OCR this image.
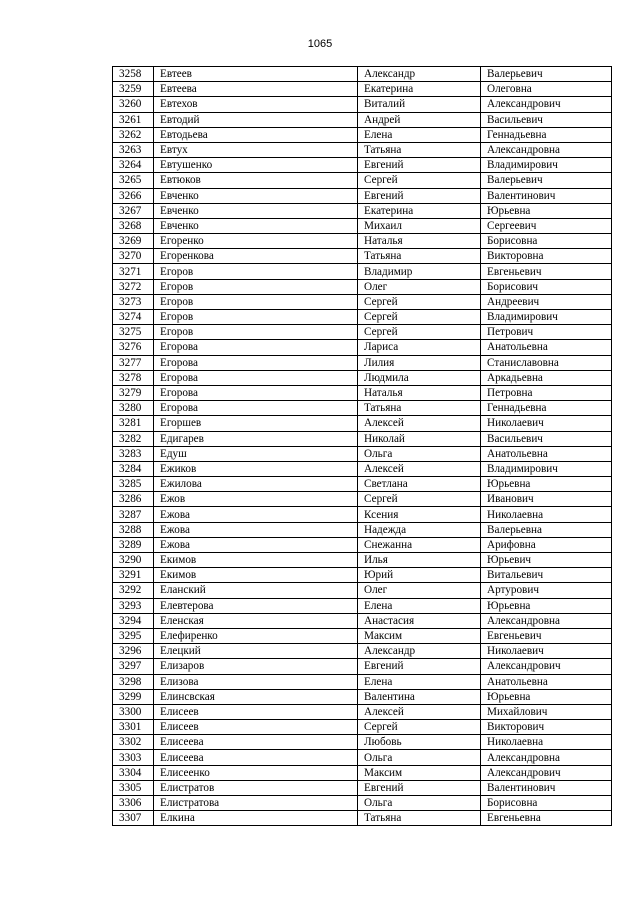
1065
3258	Евтеев	Александр	Валерьевич
3259	Евтеева	Екатерина	Олеговна
3260	Евтехов	Виталий	Александрович
3261	Евтодий	Андрей	Васильевич
3262	Евтодьева	Елена	Геннадьевна
3263	Евтух	Татьяна	Александровна
3264	Евтушенко	Евгений	Владимирович
3265	Евтюков	Сергей	Валерьевич
3266	Евченко	Евгений	Валентинович
3267	Евченко	Екатерина	Юрьевна
3268	Евченко	Михаил	Сергеевич
3269	Егоренко	Наталья	Борисовна
3270	Егоренкова	Татьяна	Викторовна
3271	Егоров	Владимир	Евгеньевич
3272	Егоров	Олег	Борисович
3273	Егоров	Сергей	Андреевич
3274	Егоров	Сергей	Владимирович
3275	Егоров	Сергей	Петрович
3276	Егорова	Лариса	Анатольевна
3277	Егорова	Лилия	Станиславовна
3278	Егорова	Людмила	Аркадьевна
3279	Егорова	Наталья	Петровна
3280	Егорова	Татьяна	Геннадьевна
3281	Егоршев	Алексей	Николаевич
3282	Едигарев	Николай	Васильевич
3283	Едуш	Ольга	Анатольевна
3284	Ежиков	Алексей	Владимирович
3285	Ежилова	Светлана	Юрьевна
3286	Ежов	Сергей	Иванович
3287	Ежова	Ксения	Николаевна
3288	Ежова	Надежда	Валерьевна
3289	Ежова	Снежанна	Арифовна
3290	Екимов	Илья	Юрьевич
3291	Екимов	Юрий	Витальевич
3292	Еланский	Олег	Артурович
3293	Елевтерова	Елена	Юрьевна
3294	Еленская	Анастасия	Александровна
3295	Елефиренко	Максим	Евгеньевич
3296	Елецкий	Александр	Николаевич
3297	Елизаров	Евгений	Александрович
3298	Елизова	Елена	Анатольевна
3299	Елинсвская	Валентина	Юрьевна
3300	Елисеев	Алексей	Михайлович
3301	Елисеев	Сергей	Викторович
3302	Елисеева	Любовь	Николаевна
3303	Елисеева	Ольга	Александровна
3304	Елисеенко	Максим	Александрович
3305	Елистратов	Евгений	Валентинович
3306	Елистратова	Ольга	Борисовна
3307	Елкина	Татьяна	Евгеньевна
